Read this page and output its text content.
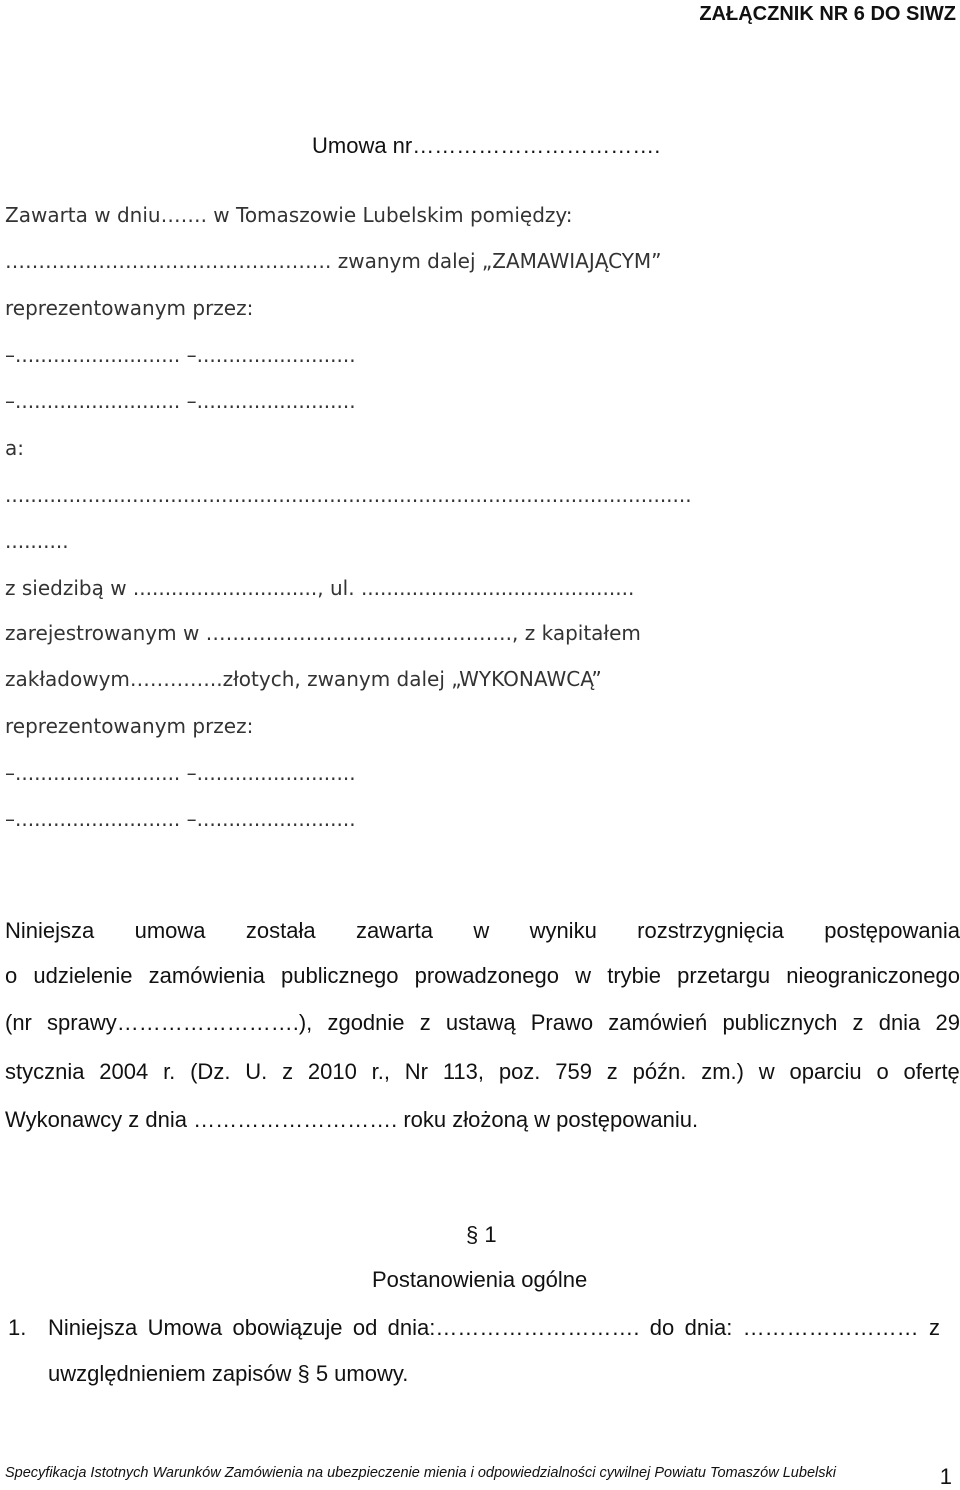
ZAŁĄCZNIK NR 6 DO SIWZ
Umowa nr…………………………….
Zawarta w dniu……. w Tomaszowie Lubelskim pomiędzy:
…………………………………………. zwanym dalej „ZAMAWIAJĄCYM”
reprezentowanym przez:
–.......................... –.........................
–.......................... –.........................
a:
............................................................................................................
..........
z siedzibą w ............................., ul. ...........................................
zarejestrowanym w ………………………………………., z kapitałem
zakładowym…………..złotych, zwanym dalej „WYKONAWCĄ”
reprezentowanym przez:
–.......................... –.........................
–.......................... –.........................
Niniejsza umowa została zawarta w wyniku rozstrzygnięcia postępowania
o udzielenie zamówienia publicznego prowadzonego w trybie przetargu nieograniczonego
(nr sprawy…………………….), zgodnie z ustawą Prawo zamówień publicznych z dnia 29
stycznia 2004 r. (Dz. U. z 2010 r., Nr 113, poz. 759 z późn. zm.) w oparciu o ofertę
Wykonawcy z dnia ………………………. roku złożoną w postępowaniu.
§ 1
Postanowienia ogólne
1. Niniejsza Umowa obowiązuje od dnia:………………………. do dnia: …………………… z
uwzględnieniem zapisów § 5 umowy.
Specyfikacja Istotnych Warunków Zamówienia na ubezpieczenie mienia i odpowiedzialności cywilnej Powiatu Tomaszów Lubelski	1
